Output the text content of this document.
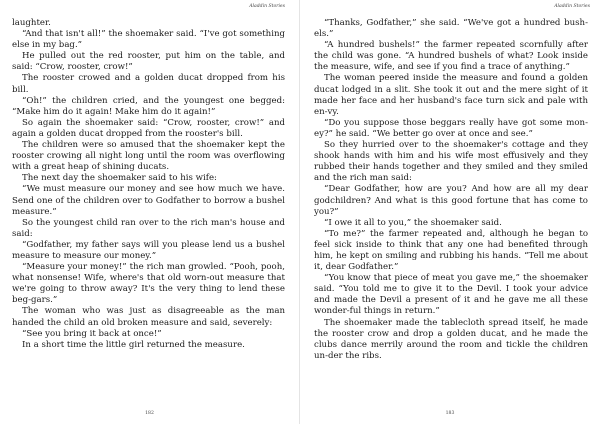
Aladdin Stories

laughter.

“And that isn't all!” the shoemaker said. “I've got something else in my bag.”

He pulled out the red rooster, put him on the table, and said: “Crow, rooster, crow!”

The rooster crowed and a golden ducat dropped from his bill.

“Oh!” the children cried, and the youngest one begged: “Make him do it again! Make him do it again!”

So again the shoemaker said: “Crow, rooster, crow!” and again a golden ducat dropped from the rooster's bill.

The children were so amused that the shoemaker kept the rooster crowing all night long until the room was overflowing with a great heap of shining ducats.

The next day the shoemaker said to his wife:

“We must measure our money and see how much we have. Send one of the children over to Godfather to borrow a bushel measure.”

So the youngest child ran over to the rich man's house and said:

“Godfather, my father says will you please lend us a bushel measure to measure our money.”

“Measure your money!” the rich man growled. “Pooh, pooh, what nonsense! Wife, where's that old worn-out measure that we're going to throw away? It's the very thing to lend these beg-gars.”

The woman who was just as disagreeable as the man handed the child an old broken measure and said, severely:

“See you bring it back at once!”

In a short time the little girl returned the measure.

182
Aladdin Stories

“Thanks, Godfather,” she said. “We've got a hundred bush-els.”

“A hundred bushels!” the farmer repeated scornfully after the child was gone. “A hundred bushels of what? Look inside the measure, wife, and see if you find a trace of anything.”

The woman peered inside the measure and found a golden ducat lodged in a slit. She took it out and the mere sight of it made her face and her husband's face turn sick and pale with en-vy.

“Do you suppose those beggars really have got some mon-ey?” he said. “We better go over at once and see.”

So they hurried over to the shoemaker's cottage and they shook hands with him and his wife most effusively and they rubbed their hands together and they smiled and they smiled and the rich man said:

“Dear Godfather, how are you? And how are all my dear godchildren? And what is this good fortune that has come to you?”

“I owe it all to you,” the shoemaker said.

“To me?” the farmer repeated and, although he began to feel sick inside to think that any one had benefited through him, he kept on smiling and rubbing his hands. “Tell me about it, dear Godfather.”

“You know that piece of meat you gave me,” the shoemaker said. “You told me to give it to the Devil. I took your advice and made the Devil a present of it and he gave me all these wonder-ful things in return.”

The shoemaker made the tablecloth spread itself, he made the rooster crow and drop a golden ducat, and he made the clubs dance merrily around the room and tickle the children un-der the ribs.

183
